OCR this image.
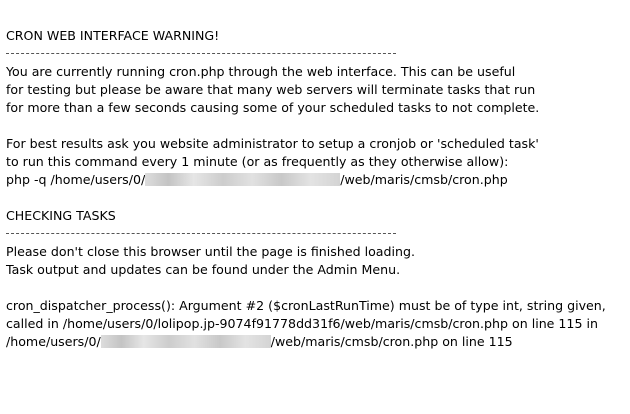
CRON WEB INTERFACE WARNING!
You are currently running cron.php through the web interface. This can be useful
for testing but please be aware that many web servers will terminate tasks that run
for more than a few seconds causing some of your scheduled tasks to not complete.
For best results ask you website administrator to setup a cronjob or 'scheduled task'
to run this command every 1 minute (or as frequently as they otherwise allow):
php -q /home/users/0/	/web/maris/cmsb/cron.php
CHECKING TASKS
Please don't close this browser until the page is finished loading.
Task output and updates can be found under the Admin Menu.
cron_dispatcher_process(): Argument #2 ($cronLastRunTime) must be of type int, string given,
called in /home/users/0/lolipop.jp-9074f91778dd31f6/web/maris/cmsb/cron.php on line 115 in
/home/users/0/	/web/maris/cmsb/cron.php on line 115
